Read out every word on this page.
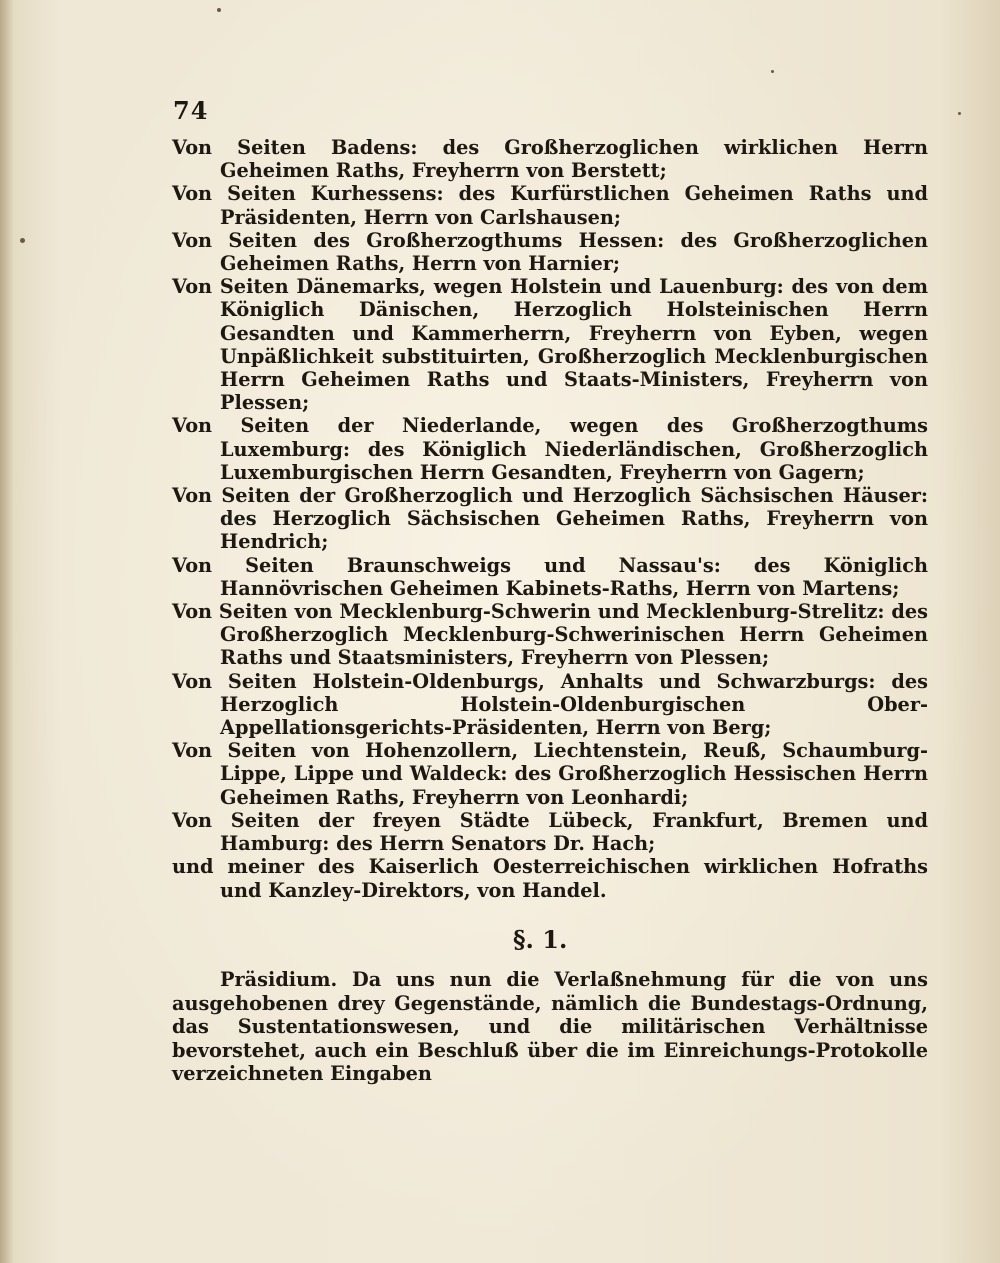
74
Von Seiten Badens: des Großherzoglichen wirklichen Herrn Geheimen Raths, Freyherrn von Berstett;
Von Seiten Kurhessens: des Kurfürstlichen Geheimen Raths und Präsidenten, Herrn von Carlshausen;
Von Seiten des Großherzogthums Hessen: des Großherzoglichen Geheimen Raths, Herrn von Harnier;
Von Seiten Dänemarks, wegen Holstein und Lauenburg: des von dem Königlich Dänischen, Herzoglich Holsteinischen Herrn Gesandten und Kammerherrn, Freyherrn von Eyben, wegen Unpäßlichkeit substituirten, Großherzoglich Mecklenburgischen Herrn Geheimen Raths und Staats-Ministers, Freyherrn von Plessen;
Von Seiten der Niederlande, wegen des Großherzogthums Luxemburg: des Königlich Niederländischen, Großherzoglich Luxemburgischen Herrn Gesandten, Freyherrn von Gagern;
Von Seiten der Großherzoglich und Herzoglich Sächsischen Häuser: des Herzoglich Sächsischen Geheimen Raths, Freyherrn von Hendrich;
Von Seiten Braunschweigs und Nassau's: des Königlich Hannövrischen Geheimen Kabinets-Raths, Herrn von Martens;
Von Seiten von Mecklenburg-Schwerin und Mecklenburg-Strelitz: des Großherzoglich Mecklenburg-Schwerinischen Herrn Geheimen Raths und Staatsministers, Freyherrn von Plessen;
Von Seiten Holstein-Oldenburgs, Anhalts und Schwarzburgs: des Herzoglich Holstein-Oldenburgischen Ober-Appellationsgerichts-Präsidenten, Herrn von Berg;
Von Seiten von Hohenzollern, Liechtenstein, Reuß, Schaumburg-Lippe, Lippe und Waldeck: des Großherzoglich Hessischen Herrn Geheimen Raths, Freyherrn von Leonhardi;
Von Seiten der freyen Städte Lübeck, Frankfurt, Bremen und Hamburg: des Herrn Senators Dr. Hach;
und meiner des Kaiserlich Oesterreichischen wirklichen Hofraths und Kanzley-Direktors, von Handel.
§. 1.
Präsidium. Da uns nun die Verlaßnehmung für die von uns ausgehobenen drey Gegenstände, nämlich die Bundestags-Ordnung, das Sustentationswesen, und die militärischen Verhältnisse bevorstehet, auch ein Beschluß über die im Einreichungs-Protokolle verzeichneten Eingaben
